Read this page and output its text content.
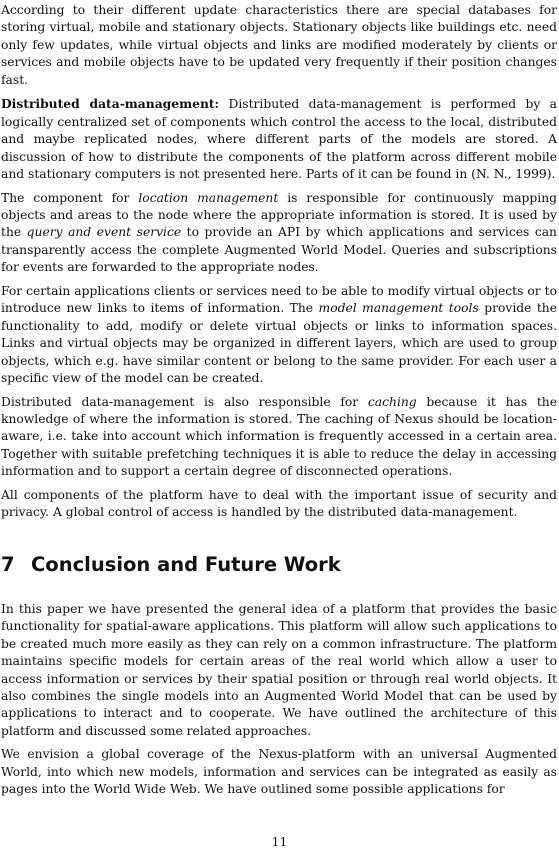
According to their different update characteristics there are special databases for storing virtual, mobile and stationary objects. Stationary objects like buildings etc. need only few updates, while virtual objects and links are modified moderately by clients or services and mobile objects have to be updated very frequently if their position changes fast.

Distributed data-management: Distributed data-management is performed by a logically centralized set of components which control the access to the local, distributed and maybe replicated nodes, where different parts of the models are stored. A discussion of how to distribute the components of the platform across different mobile and stationary computers is not presented here. Parts of it can be found in (N. N., 1999).

The component for location management is responsible for continuously mapping objects and areas to the node where the appropriate information is stored. It is used by the query and event service to provide an API by which applications and services can transparently access the complete Augmented World Model. Queries and subscriptions for events are forwarded to the appropriate nodes.

For certain applications clients or services need to be able to modify virtual objects or to introduce new links to items of information. The model management tools provide the functionality to add, modify or delete virtual objects or links to information spaces. Links and virtual objects may be organized in different layers, which are used to group objects, which e.g. have similar content or belong to the same provider. For each user a specific view of the model can be created.

Distributed data-management is also responsible for caching because it has the knowledge of where the information is stored. The caching of Nexus should be location-aware, i.e. take into account which information is frequently accessed in a certain area. Together with suitable prefetching techniques it is able to reduce the delay in accessing information and to support a certain degree of disconnected operations.

All components of the platform have to deal with the important issue of security and privacy. A global control of access is handled by the distributed data-management.

7 Conclusion and Future Work

In this paper we have presented the general idea of a platform that provides the basic functionality for spatial-aware applications. This platform will allow such applications to be created much more easily as they can rely on a common infrastructure. The platform maintains specific models for certain areas of the real world which allow a user to access information or services by their spatial position or through real world objects. It also combines the single models into an Augmented World Model that can be used by applications to interact and to cooperate. We have outlined the architecture of this platform and discussed some related approaches.

We envision a global coverage of the Nexus-platform with an universal Augmented World, into which new models, information and services can be integrated as easily as pages into the World Wide Web. We have outlined some possible applications for

11
